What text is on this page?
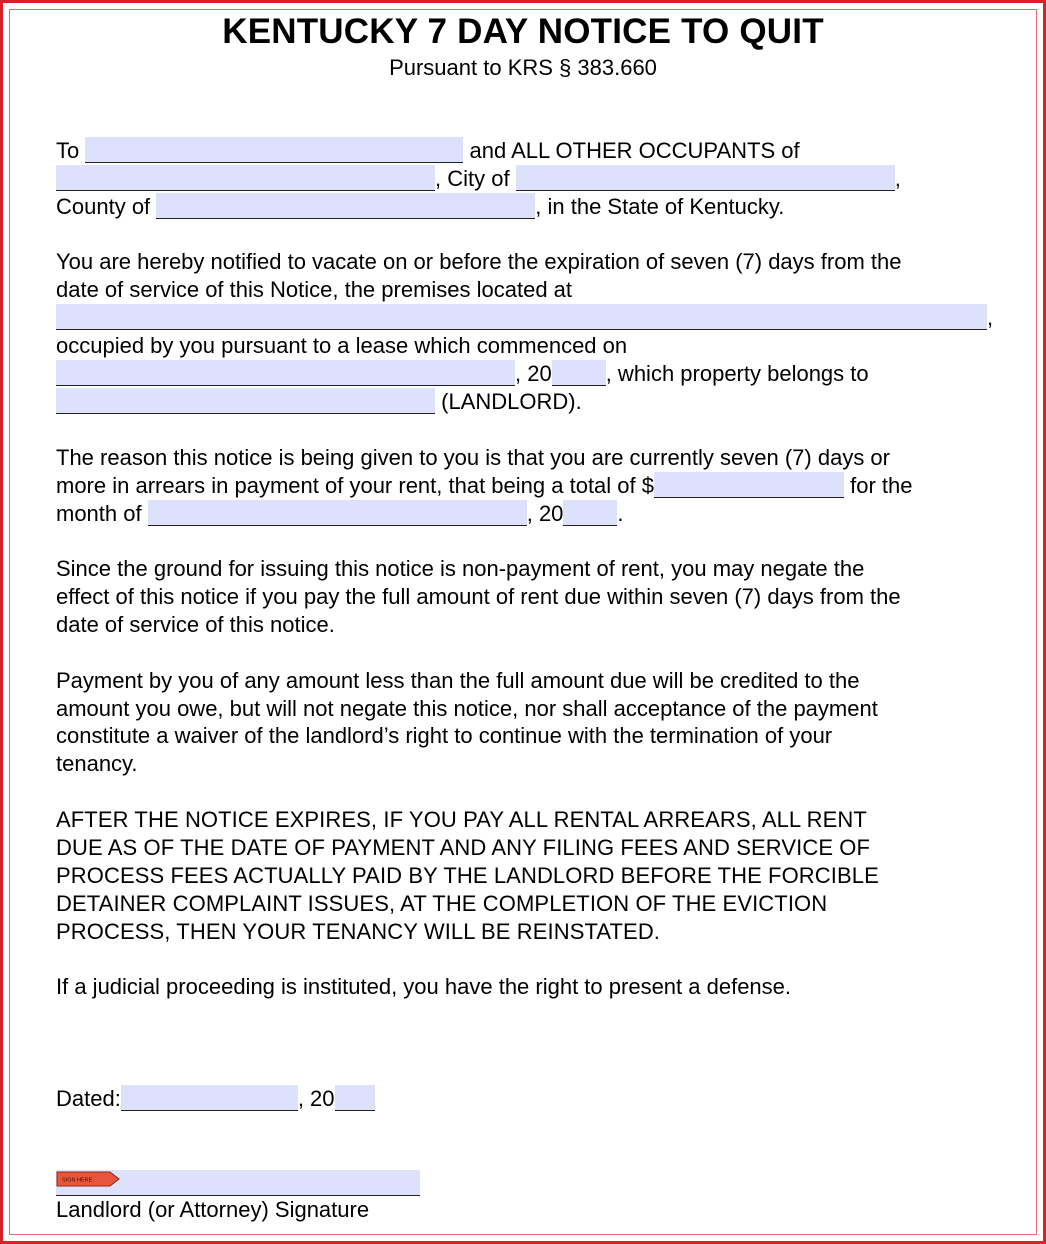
KENTUCKY 7 DAY NOTICE TO QUIT
Pursuant to KRS § 383.660
To	and ALL OTHER OCCUPANTS of
, City of	,
County of	, in the State of Kentucky.
You are hereby notified to vacate on or before the expiration of seven (7) days from the
date of service of this Notice, the premises located at
,
occupied by you pursuant to a lease which commenced on
, 20 , which property belongs to
(LANDLORD).
The reason this notice is being given to you is that you are currently seven (7) days or
more in arrears in payment of your rent, that being a total of $	for the
month of	, 20 .
Since the ground for issuing this notice is non-payment of rent, you may negate the
effect of this notice if you pay the full amount of rent due within seven (7) days from the
date of service of this notice.
Payment by you of any amount less than the full amount due will be credited to the
amount you owe, but will not negate this notice, nor shall acceptance of the payment
constitute a waiver of the landlord’s right to continue with the termination of your
tenancy.
AFTER THE NOTICE EXPIRES, IF YOU PAY ALL RENTAL ARREARS, ALL RENT
DUE AS OF THE DATE OF PAYMENT AND ANY FILING FEES AND SERVICE OF
PROCESS FEES ACTUALLY PAID BY THE LANDLORD BEFORE THE FORCIBLE
DETAINER COMPLAINT ISSUES, AT THE COMPLETION OF THE EVICTION
PROCESS, THEN YOUR TENANCY WILL BE REINSTATED.
If a judicial proceeding is instituted, you have the right to present a defense.
Dated:	, 20
SIGN HERE
Landlord (or Attorney) Signature
